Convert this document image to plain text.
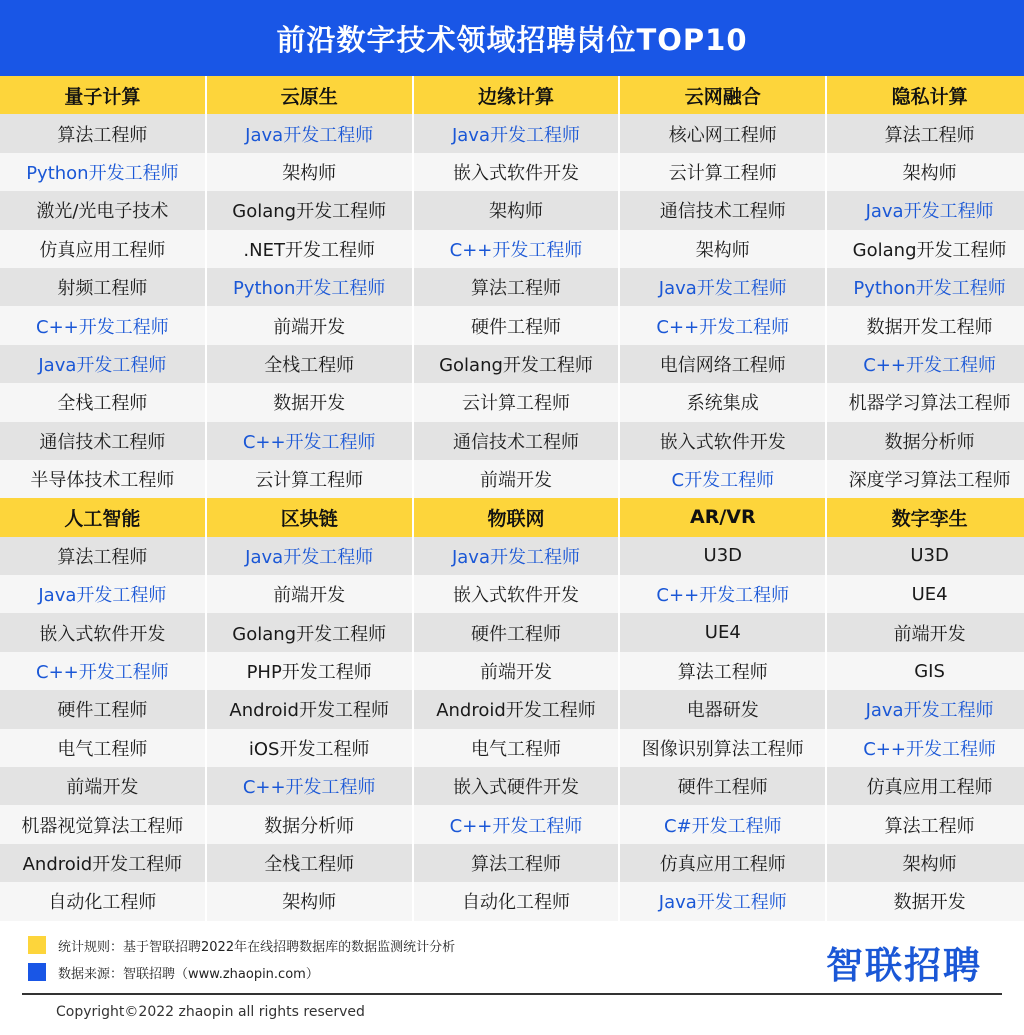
前沿数字技术领域招聘岗位TOP10
量子计算	云原生	边缘计算	云网融合	隐私计算
算法工程师	Java开发工程师	Java开发工程师	核心网工程师	算法工程师
Python开发工程师	架构师	嵌入式软件开发	云计算工程师	架构师
激光/光电子技术	Golang开发工程师	架构师	通信技术工程师	Java开发工程师
仿真应用工程师	.NET开发工程师	C++开发工程师	架构师	Golang开发工程师
射频工程师	Python开发工程师	算法工程师	Java开发工程师	Python开发工程师
C++开发工程师	前端开发	硬件工程师	C++开发工程师	数据开发工程师
Java开发工程师	全栈工程师	Golang开发工程师	电信网络工程师	C++开发工程师
全栈工程师	数据开发	云计算工程师	系统集成	机器学习算法工程师
通信技术工程师	C++开发工程师	通信技术工程师	嵌入式软件开发	数据分析师
半导体技术工程师	云计算工程师	前端开发	C开发工程师	深度学习算法工程师
人工智能	区块链	物联网	AR/VR	数字孪生
算法工程师	Java开发工程师	Java开发工程师	U3D	U3D
Java开发工程师	前端开发	嵌入式软件开发	C++开发工程师	UE4
嵌入式软件开发	Golang开发工程师	硬件工程师	UE4	前端开发
C++开发工程师	PHP开发工程师	前端开发	算法工程师	GIS
硬件工程师	Android开发工程师	Android开发工程师	电器研发	Java开发工程师
电气工程师	iOS开发工程师	电气工程师	图像识别算法工程师	C++开发工程师
前端开发	C++开发工程师	嵌入式硬件开发	硬件工程师	仿真应用工程师
机器视觉算法工程师	数据分析师	C++开发工程师	C#开发工程师	算法工程师
Android开发工程师	全栈工程师	算法工程师	仿真应用工程师	架构师
自动化工程师	架构师	自动化工程师	Java开发工程师	数据开发
统计规则：基于智联招聘2022年在线招聘数据库的数据监测统计分析
数据来源：智联招聘（www.zhaopin.com）	智联招聘
Copyright©2022 zhaopin all rights reserved
